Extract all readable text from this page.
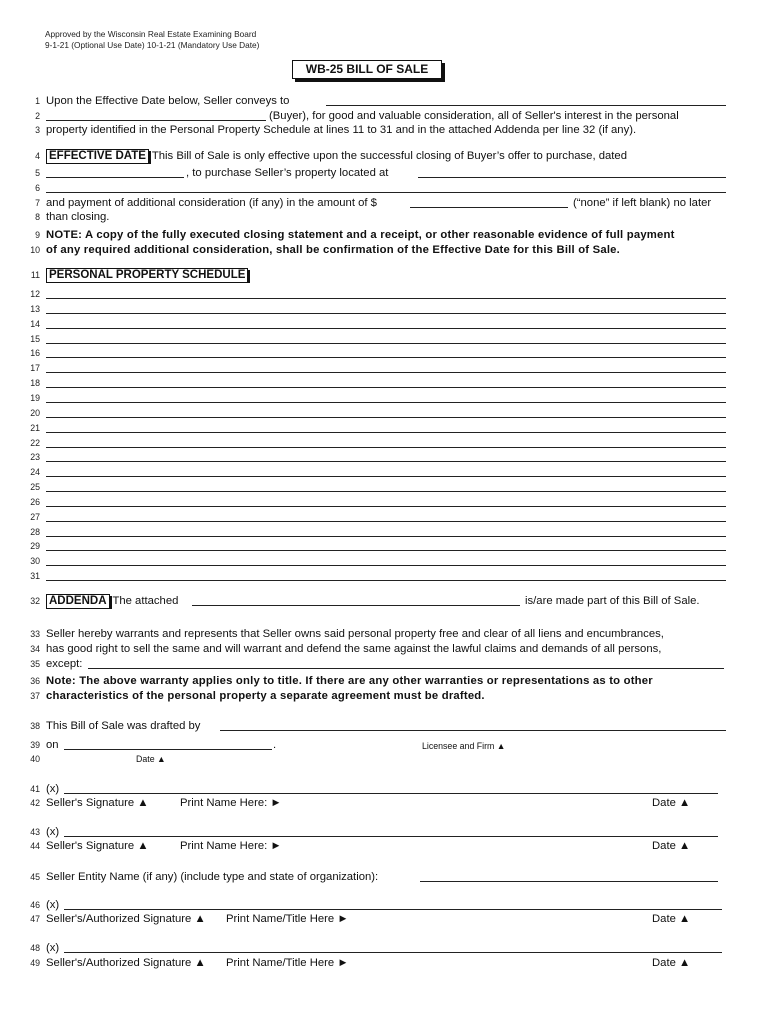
Approved by the Wisconsin Real Estate Examining Board
9-1-21 (Optional Use Date) 10-1-21 (Mandatory Use Date)
WB-25 BILL OF SALE
1 Upon the Effective Date below, Seller conveys to
2	(Buyer), for good and valuable consideration, all of Seller's interest in the personal
3 property identified in the Personal Property Schedule at lines 11 to 31 and in the attached Addenda per line 32 (if any).
4 EFFECTIVE DATE This Bill of Sale is only effective upon the successful closing of Buyer’s offer to purchase, dated
5	, to purchase Seller’s property located at
6
7 and payment of additional consideration (if any) in the amount of $	(“none” if left blank) no later
8 than closing.
9 NOTE: A copy of the fully executed closing statement and a receipt, or other reasonable evidence of full payment
10 of any required additional consideration, shall be confirmation of the Effective Date for this Bill of Sale.
11 PERSONAL PROPERTY SCHEDULE
12
13
14
15
16
17
18
19
20
21
22
23
24
25
26
27
28
29
30
31
32 ADDENDA The attached	is/are made part of this Bill of Sale.
33 Seller hereby warrants and represents that Seller owns said personal property free and clear of all liens and encumbrances,
34 has good right to sell the same and will warrant and defend the same against the lawful claims and demands of all persons,
35 except:
36 Note: The above warranty applies only to title. If there are any other warranties or representations as to other
37 characteristics of the personal property a separate agreement must be drafted.
38 This Bill of Sale was drafted by
39 on	.	Licensee and Firm ▲
40	Date ▲
41 (x)
42 Seller's Signature ▲	Print Name Here: ►	Date ▲
43 (x)
44 Seller's Signature ▲	Print Name Here: ►	Date ▲
45 Seller Entity Name (if any) (include type and state of organization):
46 (x)
47 Seller's/Authorized Signature ▲	Print Name/Title Here ►	Date ▲
48 (x)
49 Seller's/Authorized Signature ▲	Print Name/Title Here ►	Date ▲
